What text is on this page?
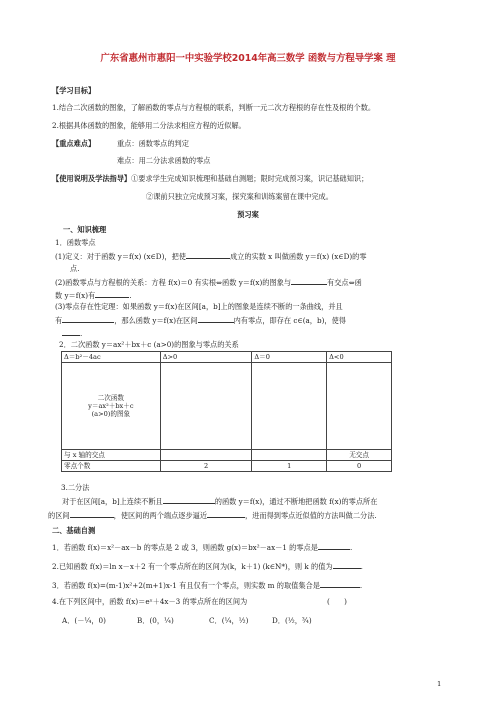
广东省惠州市惠阳一中实验学校2014年高三数学 函数与方程导学案 理
【学习目标】
1.结合二次函数的图象，了解函数的零点与方程根的联系，判断一元二次方程根的存在性及根的个数。
2.根据具体函数的图象，能够用二分法求相应方程的近似解。
【重点难点】	重点：函数零点的判定
难点：用二分法求函数的零点
【使用说明及学法指导】①要求学生完成知识梳理和基础自测题；限时完成预习案，识记基础知识；
②课前只独立完成预习案，探究案和训练案留在课中完成。
预习案
一、知识梳理
1．函数零点
(1)定义：对于函数 y＝f(x) (x∈D)，把使	成立的实数 x 叫做函数 y＝f(x) (x∈D)的零
点.
(2)函数零点与方程根的关系：方程 f(x)＝0 有实根⇔函数 y＝f(x)的图象与	有交点⇔函
数 y＝f(x)有	.
(3)零点存在性定理：如果函数 y＝f(x)在区间[a，b]上的图象是连续不断的一条曲线，并且
有	，那么函数 y＝f(x)在区间	内有零点，即存在 c∈(a，b)，使得
.
2．二次函数 y＝ax²＋bx＋c (a>0)的图象与零点的关系
Δ＝b²－4ac	Δ>0	Δ＝0	Δ<0

二次函数
y＝ax²＋bx＋c
(a>0)的图象			

与 x 轴的交点			无交点
零点个数	2	1	0
3.二分法
对于在区间[a，b]上连续不断且	的函数 y＝f(x)，通过不断地把函数 f(x)的零点所在
的区间	，使区间的两个端点逐步逼近	，进而得到零点近似值的方法叫做二分法.
二、基础自测
1．若函数 f(x)＝x²－ax－b 的零点是 2 或 3，则函数 g(x)＝bx²－ax－1 的零点是	.
2.已知函数 f(x)＝ln x－x＋2 有一个零点所在的区间为(k，k＋1) (k∈N*)，则 k 的值为	.
3．若函数 f(x)=(m-1)x²+2(m+1)x-1 有且仅有一个零点，则实数 m 的取值集合是	.
4.在下列区间中，函数 f(x)＝eˣ＋4x－3 的零点所在的区间为	(　　)
A．(－¼，0)	B．(0，¼)	C．(¼，½)	D．(½，¾)
1
